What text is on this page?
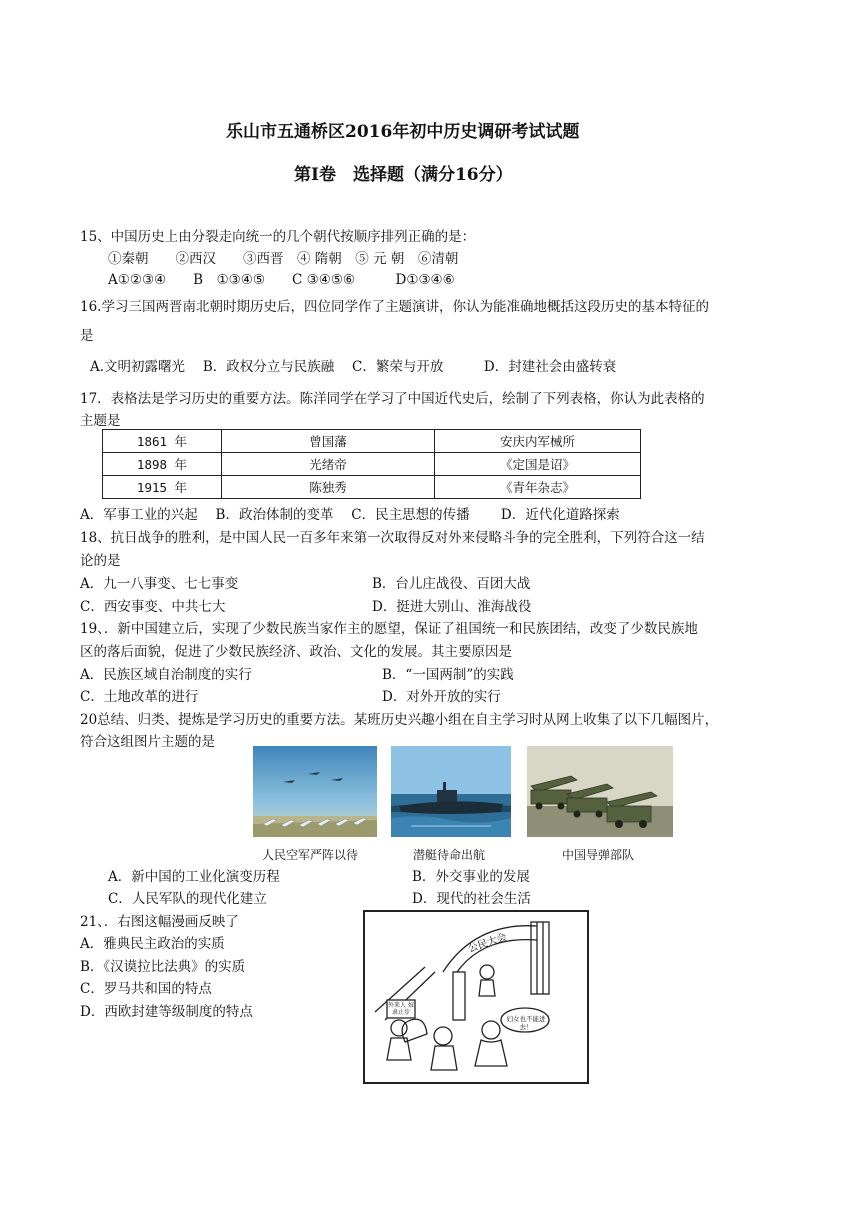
乐山市五通桥区2016年初中历史调研考试试题
第Ⅰ卷　选择题（满分16分）
15、中国历史上由分裂走向统一的几个朝代按顺序排列正确的是：
①秦朝　　②西汉　　③西晋　④ 隋朝　⑤ 元 朝　⑥清朝
A①②③④　　B　①③④⑤　　C ③④⑤⑥　　　D①③④⑥
16.学习三国两晋南北朝时期历史后，四位同学作了主题演讲，你认为能准确地概括这段历史的基本特征的
是
A.文明初露曙光　 B．政权分立与民族融　 C．繁荣与开放　　　D．封建社会由盛转衰
17．表格法是学习历史的重要方法。陈洋同学在学习了中国近代史后，绘制了下列表格，你认为此表格的
主题是
1861 年	曾国藩	安庆内军械所
1898 年	光绪帝	《定国是诏》
1915 年	陈独秀	《青年杂志》
A．军事工业的兴起　 B．政治体制的变革　 C．民主思想的传播　　 D．近代化道路探索
18、抗日战争的胜利，是中国人民一百多年来第一次取得反对外来侵略斗争的完全胜利，下列符合这一结
论的是
A．九一八事变、七七事变	B．台儿庄战役、百团大战
C．西安事变、中共七大	D．挺进大别山、淮海战役
19、．新中国建立后，实现了少数民族当家作主的愿望，保证了祖国统一和民族团结，改变了少数民族地
区的落后面貌，促进了少数民族经济、政治、文化的发展。其主要原因是
A．民族区域自治制度的实行	B．“一国两制”的实践
C．土地改革的进行	D．对外开放的实行
20总结、归类、提炼是学习历史的重要方法。某班历史兴趣小组在自主学习时从网上收集了以下几幅图片，
符合这组图片主题的是
人民空军严阵以待	潜艇待命出航	中国导弹部队
A．新中国的工业化演变历程	B．外交事业的发展
C．人民军队的现代化建立	D．现代的社会生活
21、．右图这幅漫画反映了
A．雅典民主政治的实质
B．《汉谟拉比法典》的实质
C．罗马共和国的特点
D．西欧封建等级制度的特点
公民大会
妇女也不能进去！
外来人 奴隶止步
